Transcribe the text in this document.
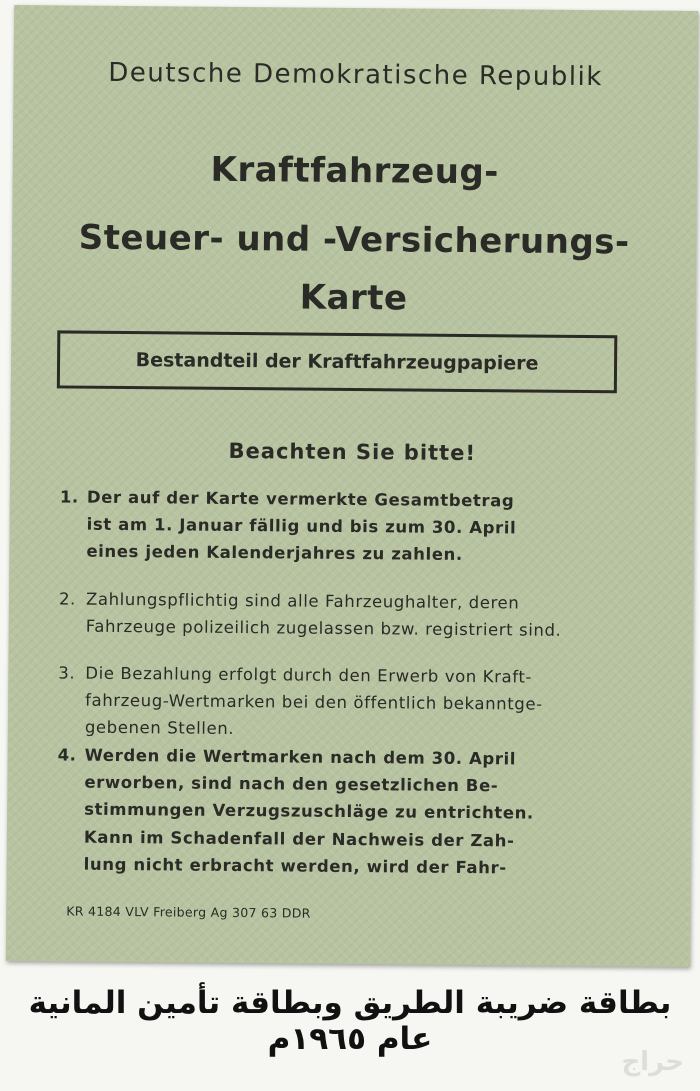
Deutsche Demokratische Republik
Kraftfahrzeug-
Steuer- und -Versicherungs-
Karte
Bestandteil der Kraftfahrzeugpapiere
Beachten Sie bitte!
1. Der auf der Karte vermerkte Gesamtbetrag
ist am 1. Januar fällig und bis zum 30. April
eines jeden Kalenderjahres zu zahlen.
2. Zahlungspflichtig sind alle Fahrzeughalter, deren
Fahrzeuge polizeilich zugelassen bzw. registriert sind.
3. Die Bezahlung erfolgt durch den Erwerb von Kraft-
fahrzeug-Wertmarken bei den öffentlich bekanntge-
gebenen Stellen.
4. Werden die Wertmarken nach dem 30. April
erworben, sind nach den gesetzlichen Be-
stimmungen Verzugszuschläge zu entrichten.
Kann im Schadenfall der Nachweis der Zah-
lung nicht erbracht werden, wird der Fahr-
KR 4184 VLV Freiberg Ag 307 63 DDR
بطاقة ضريبة الطريق وبطاقة تأمين المانية عام ١٩٦٥م
حراج
